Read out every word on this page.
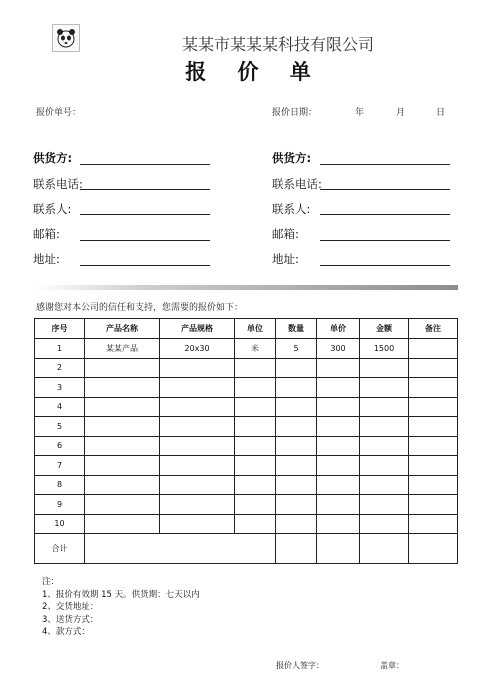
某某市某某某科技有限公司
报 价 单
报价单号：	报价日期：	年	月	日
供货方:
联系电话:
联系人:
邮箱:
地址:
供货方:
联系电话:
联系人:
邮箱:
地址:
感谢您对本公司的信任和支持，您需要的报价如下：
序号	产品名称	产品规格	单位	数量	单价	金额	备注
1	某某产品	20x30	米	5	300	1500	
2							
3							
4							
5							
6							
7							
8							
9							
10							
合计							
注：
1、报价有效期 15 天。供货期：七天以内
2、交货地址：
3、送货方式：
4、款方式：
报价人签字：	盖章：
